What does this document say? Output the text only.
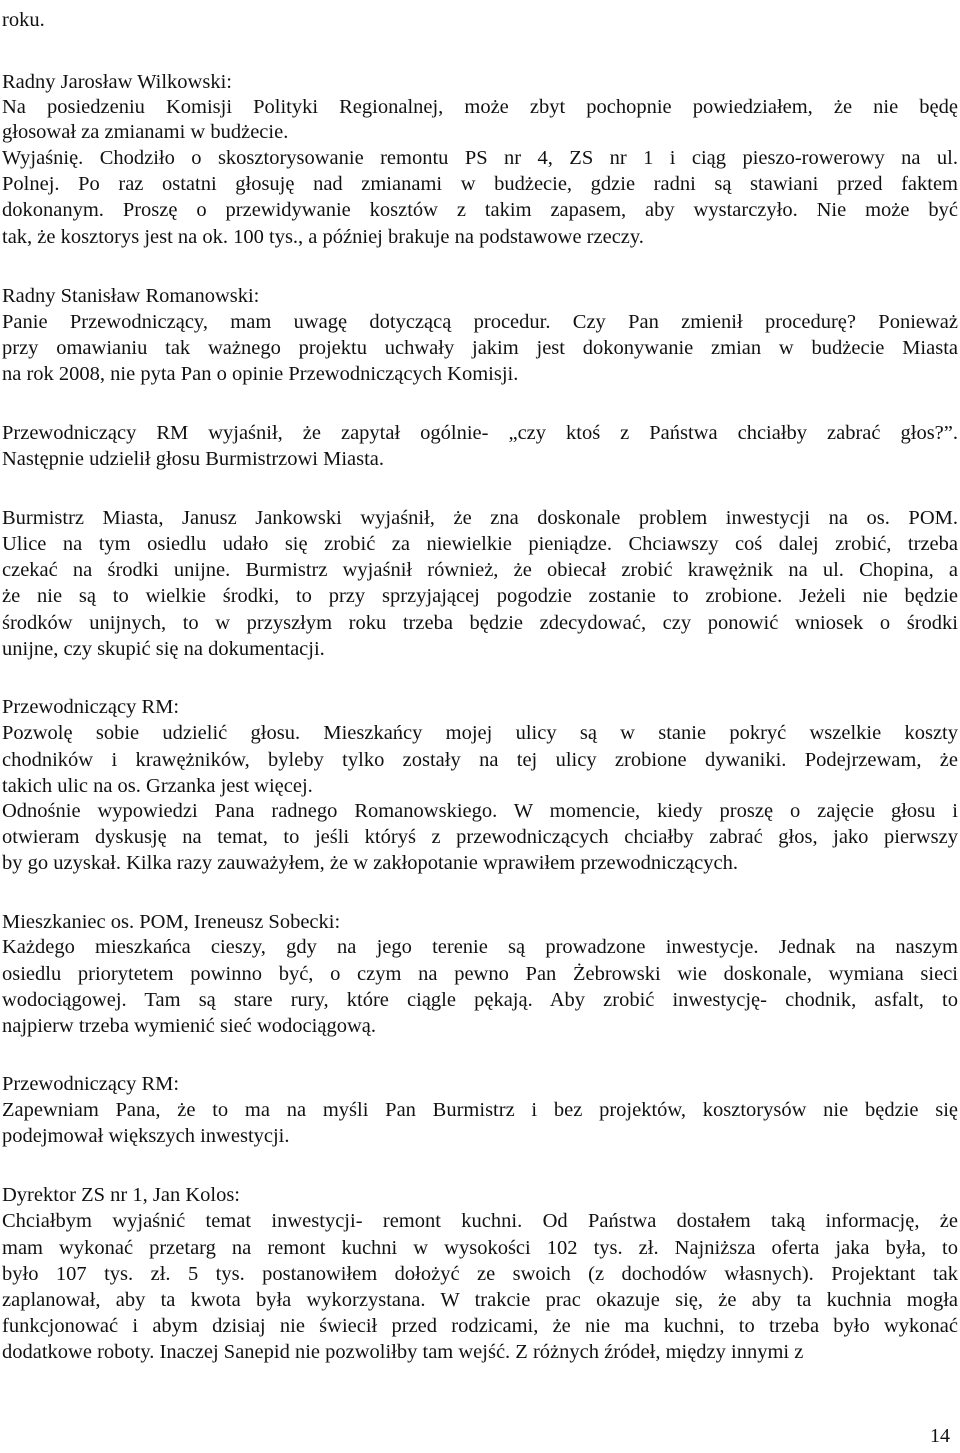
roku.
Radny Jarosław Wilkowski:
Na posiedzeniu Komisji Polityki Regionalnej, może zbyt pochopnie powiedziałem, że nie będę
głosował za zmianami w budżecie.
Wyjaśnię. Chodziło o skosztorysowanie remontu PS nr 4, ZS nr 1 i ciąg pieszo-rowerowy na ul.
Polnej. Po raz ostatni głosuję nad zmianami w budżecie, gdzie radni są stawiani przed faktem
dokonanym. Proszę o przewidywanie kosztów z takim zapasem, aby wystarczyło. Nie może być
tak, że kosztorys jest na ok. 100 tys., a później brakuje na podstawowe rzeczy.
Radny Stanisław Romanowski:
Panie Przewodniczący, mam uwagę dotyczącą procedur. Czy Pan zmienił procedurę? Ponieważ
przy omawianiu tak ważnego projektu uchwały jakim jest dokonywanie zmian w budżecie Miasta
na rok 2008, nie pyta Pan o opinie Przewodniczących Komisji.
Przewodniczący RM wyjaśnił, że zapytał ogólnie- „czy ktoś z Państwa chciałby zabrać głos?”.
Następnie udzielił głosu Burmistrzowi Miasta.
Burmistrz Miasta, Janusz Jankowski wyjaśnił, że zna doskonale problem inwestycji na os. POM.
Ulice na tym osiedlu udało się zrobić za niewielkie pieniądze. Chciawszy coś dalej zrobić, trzeba
czekać na środki unijne. Burmistrz wyjaśnił również, że obiecał zrobić krawężnik na ul. Chopina, a
że nie są to wielkie środki, to przy sprzyjającej pogodzie zostanie to zrobione. Jeżeli nie będzie
środków unijnych, to w przyszłym roku trzeba będzie zdecydować, czy ponowić wniosek o środki
unijne, czy skupić się na dokumentacji.
Przewodniczący RM:
Pozwolę sobie udzielić głosu. Mieszkańcy mojej ulicy są w stanie pokryć wszelkie koszty
chodników i krawężników, byleby tylko zostały na tej ulicy zrobione dywaniki. Podejrzewam, że
takich ulic na os. Grzanka jest więcej.
Odnośnie wypowiedzi Pana radnego Romanowskiego. W momencie, kiedy proszę o zajęcie głosu i
otwieram dyskusję na temat, to jeśli któryś z przewodniczących chciałby zabrać głos, jako pierwszy
by go uzyskał. Kilka razy zauważyłem, że w zakłopotanie wprawiłem przewodniczących.
Mieszkaniec os. POM, Ireneusz Sobecki:
Każdego mieszkańca cieszy, gdy na jego terenie są prowadzone inwestycje. Jednak na naszym
osiedlu priorytetem powinno być, o czym na pewno Pan Żebrowski wie doskonale, wymiana sieci
wodociągowej. Tam są stare rury, które ciągle pękają. Aby zrobić inwestycję- chodnik, asfalt, to
najpierw trzeba wymienić sieć wodociągową.
Przewodniczący RM:
Zapewniam Pana, że to ma na myśli Pan Burmistrz i bez projektów, kosztorysów nie będzie się
podejmował większych inwestycji.
Dyrektor ZS nr 1, Jan Kolos:
Chciałbym wyjaśnić temat inwestycji- remont kuchni. Od Państwa dostałem taką informację, że
mam wykonać przetarg na remont kuchni w wysokości 102 tys. zł. Najniższa oferta jaka była, to
było 107 tys. zł. 5 tys. postanowiłem dołożyć ze swoich (z dochodów własnych). Projektant tak
zaplanował, aby ta kwota była wykorzystana. W trakcie prac okazuje się, że aby ta kuchnia mogła
funkcjonować i abym dzisiaj nie świecił przed rodzicami, że nie ma kuchni, to trzeba było wykonać
dodatkowe roboty. Inaczej Sanepid nie pozwoliłby tam wejść. Z różnych źródeł, między innymi z
14
